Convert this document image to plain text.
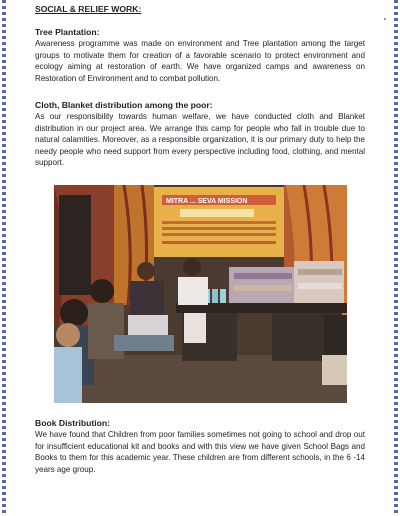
SOCIAL & RELIEF WORK:

Tree Plantation:

Awareness programme was made on environment and Tree plantation among the target groups to motivate them for creation of a favorable scenario to protect environment and ecology aiming at restoration of earth. We have organized camps and awareness on Restoration of Environment and to combat pollution.

Cloth, Blanket distribution among the poor:

As our responsibility towards human welfare, we have conducted cloth and Blanket distribution in our project area. We arrange this camp for people who fall in trouble due to natural calamities. Moreover, as a responsible organization, it is our primary duty to help the needy people who need support from every perspective including food, clothing, and mental support.

Book Distribution:

We have found that Children from poor families sometimes not going to school and drop out for insufficient educational kit and books and with this view we have given School Bags and Books to them for this academic year. These children are from different schools, in the 6 -14 years age group.

MITRA ... SEVA MISSION
